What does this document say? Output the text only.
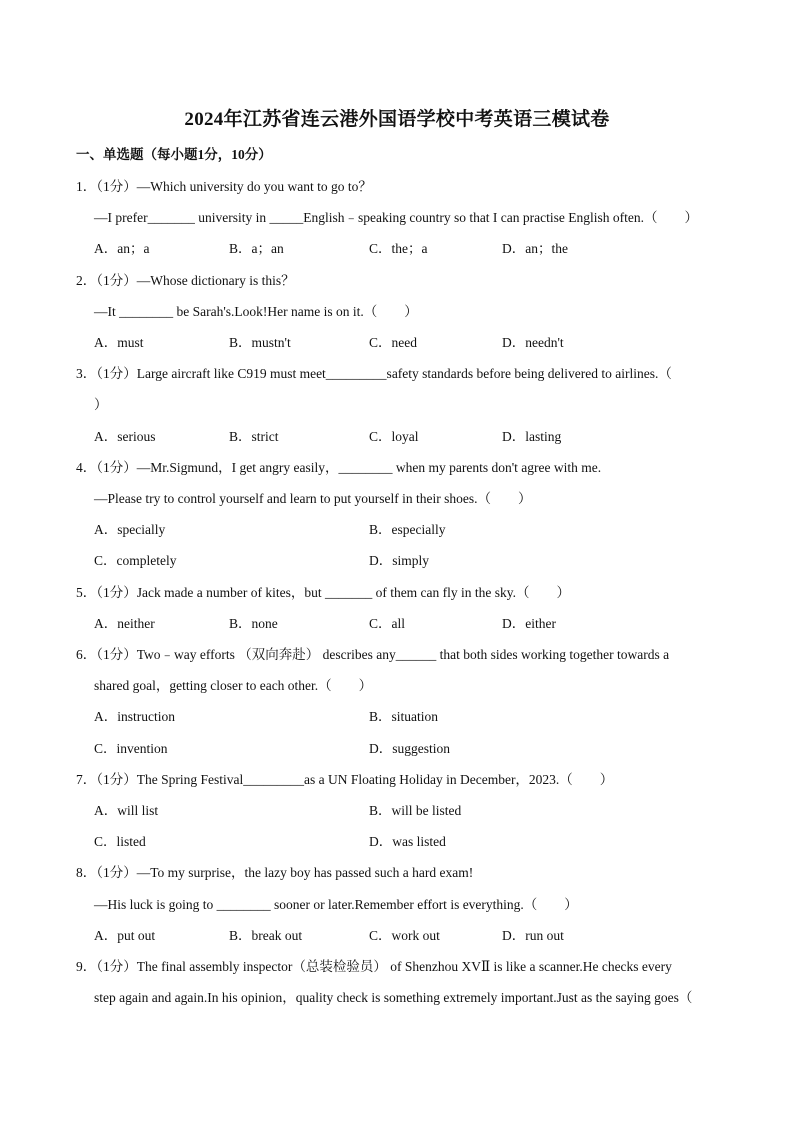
2024年江苏省连云港外国语学校中考英语三模试卷
一、单选题（每小题1分，10分）
1．（1分）—Which university do you want to go to？
—I prefer_______ university in _____English﹣speaking country so that I can practise English often.（　　）
A．an；a	B．a；an	C．the；a	D．an；the
2．（1分）—Whose dictionary is this？
—It ________ be Sarah's.Look!Her name is on it.（　　）
A．must	B．mustn't	C．need	D．needn't
3．（1分）Large aircraft like C919 must meet_________safety standards before being delivered to airlines.（
）
A．serious	B．strict	C．loyal	D．lasting
4．（1分）—Mr.Sigmund，I get angry easily，________ when my parents don't agree with me.
—Please try to control yourself and learn to put yourself in their shoes.（　　）
A．specially	B．especially
C．completely	D．simply
5．（1分）Jack made a number of kites，but _______ of them can fly in the sky.（　　）
A．neither	B．none	C．all	D．either
6．（1分）Two﹣way efforts （双向奔赴） describes any______ that both sides working together towards a
shared goal，getting closer to each other.（　　）
A．instruction	B．situation
C．invention	D．suggestion
7．（1分）The Spring Festival_________as a UN Floating Holiday in December，2023.（　　）
A．will list	B．will be listed
C．listed	D．was listed
8．（1分）—To my surprise，the lazy boy has passed such a hard exam!
—His luck is going to ________ sooner or later.Remember effort is everything.（　　）
A．put out	B．break out	C．work out	D．run out
9．（1分）The final assembly inspector（总装检验员） of Shenzhou XVⅡ is like a scanner.He checks every
step again and again.In his opinion，quality check is something extremely important.Just as the saying goes（
